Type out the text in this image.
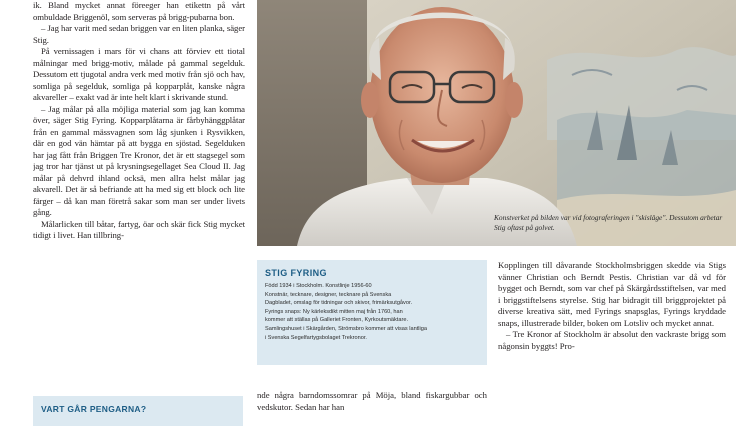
ik. Bland mycket annat föreeger han etikettn på vårt ombuldade Briggenöl, som serveras på brigg-pubarna bon.

– Jag har varit med sedan briggen var en liten planka, säger Stig.

På vernissagen i mars för vi chans att förviev ett tiotal målningar med brigg-motiv, målade på gammal segelduk. Dessutom ett tjugotal andra verk med motiv från sjö och hav, somliga på segelduk, somliga på kopparplåt, kanske några akvareller – exakt vad är inte helt klart i skrivande stund.

– Jag målar på alla möjliga material som jag kan komma över, säger Stig Fyring. Kopparplåtarna är fårbyhänggplåtar från en gammal mässvagnen som låg sjunken i Rysvikken, där en god vän hämtar på att bygga en sjöstad. Segelduken har jag fått från Briggen Tre Kronor, det är ett stagsegel som jag tror har tjänst ut på krysningsegellaget Sea Cloud II. Jag målar på dehvrd ihland ocksä, men allra helst målar jag akvarell. Det är så befriande att ha med sig ett block och lite färger – då kan man företrå sakar som man ser under livets gång.

Målarlicken till båtar, fartyg, öar och skär fick Stig mycket tidigt i livet. Han tillbring-

VART GÅR PENGARNA?
Konstverket på bilden var vid fotograferingen i "skisläge". Dessutom arbetar Stig oftast på golvet.
STIG FYRING
Född 1934 i Stockholm. Konstlinje 1956-60
Konstnär, tecknare, designer, tecknare på Svenska
Dagbladet, omslag för tidningar och skivor, frimärksutgåvor.
Fyrings snaps: Ny kärleksdikt mitten maj från 1760, han
kommer att ställas på Galleriet Fronten, Kyrkoutsmäktare.
Samlingshuset i Skärgården, Strömsbro kommer att visas lantliga
i Svenska Segelfartygsbolaget Trekronor.

nde några barndomssomrar på Möja, bland fiskargubbar och vedskutor. Sedan har han

Kopplingen till dåvarande Stockholmsbriggen skedde via Stigs vänner Christian och Berndt Pestis. Christian var då vd för bygget och Berndt, som var chef på Skärgårdsstiftelsen, var med i briggstiftelsens styrelse. Stig har bidragit till briggprojektet på diverse kreativa sätt, med Fyrings snapsglas, Fyrings kryddade snaps, illustrerade bilder, boken om Lotsliv och mycket annat.

– Tre Kronor af Stockholm är absolut den vackraste brigg som någonsin byggts! Pro-
